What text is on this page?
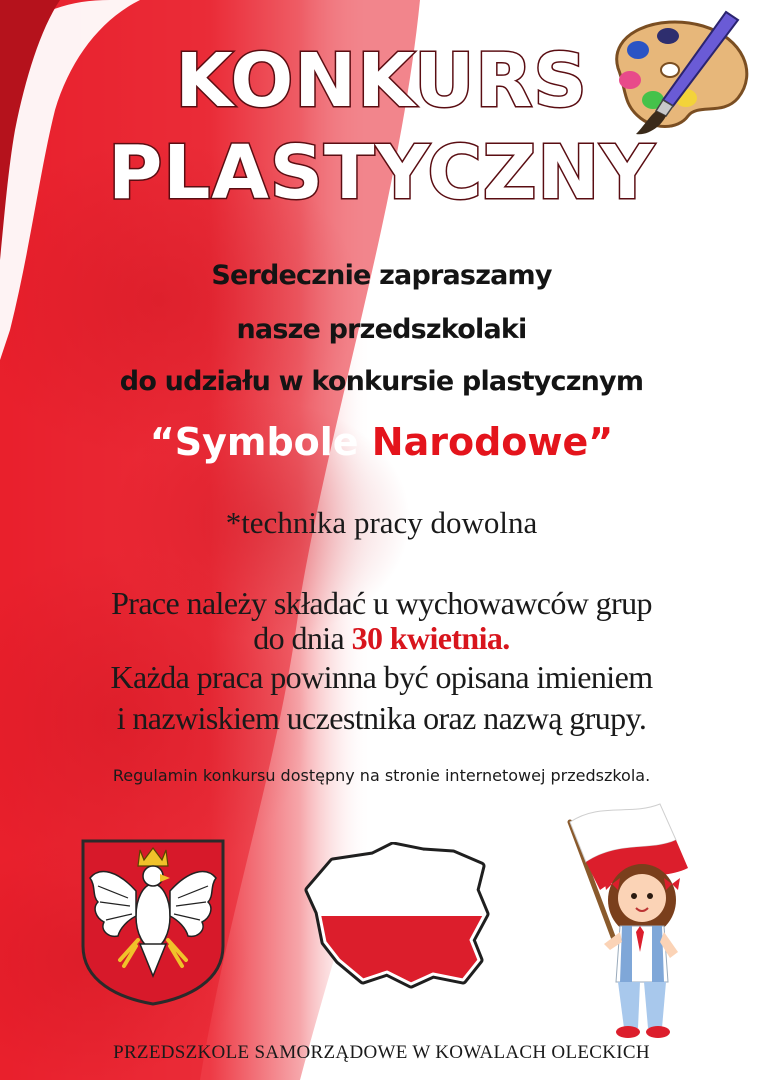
KONKURS
PLASTYCZNY
Serdecznie zapraszamy
nasze przedszkolaki
do udziału w konkursie plastycznym
“Symbole Narodowe”
*technika pracy dowolna
Prace należy składać u wychowawców grup
do dnia 30 kwietnia.
Każda praca powinna być opisana imieniem
i nazwiskiem uczestnika oraz nazwą grupy.
Regulamin konkursu dostępny na stronie internetowej przedszkola.
PRZEDSZKOLE SAMORZĄDOWE W KOWALACH OLECKICH
